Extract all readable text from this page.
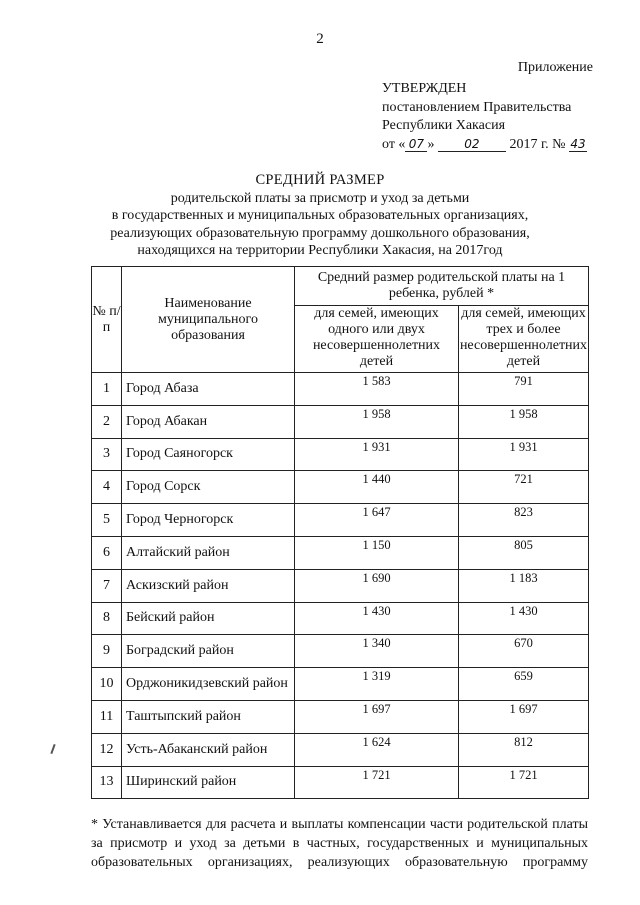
2
Приложение
УТВЕРЖДЕН
постановлением Правительства
Республики Хакасия
от « 07 » 02 2017 г. № 43
СРЕДНИЙ РАЗМЕР
родительской платы за присмотр и уход за детьми
в государственных и муниципальных образовательных организациях,
реализующих образовательную программу дошкольного образования,
находящихся на территории Республики Хакасия, на 2017год
№ п/п	Наименование муниципального образования	Средний размер родительской платы на 1 ребенка, рублей *	
		для семей, имеющих одного или двух несовершеннолетних детей	для семей, имеющих трех и более несовершеннолетних детей
1	Город Абаза	1 583	791
2	Город Абакан	1 958	1 958
3	Город Саяногорск	1 931	1 931
4	Город Сорск	1 440	721
5	Город Черногорск	1 647	823
6	Алтайский район	1 150	805
7	Аскизский район	1 690	1 183
8	Бейский район	1 430	1 430
9	Боградский район	1 340	670
10	Орджоникидзевский район	1 319	659
11	Таштыпский район	1 697	1 697
12	Усть-Абаканский район	1 624	812
13	Ширинский район	1 721	1 721
* Устанавливается для расчета и выплаты компенсации части родительской платы
за присмотр и уход за детьми в частных, государственных и муниципальных
образовательных организациях, реализующих образовательную программу
